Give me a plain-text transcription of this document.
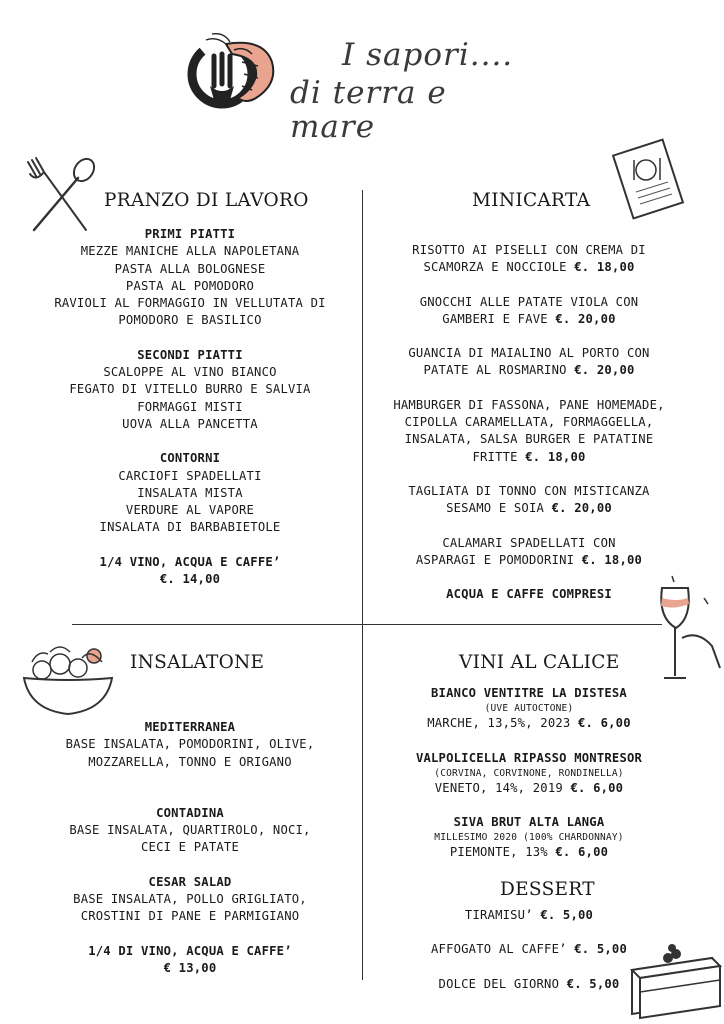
I sapori....
di terra e mare
PRANZO DI LAVORO
PRIMI PIATTI
MEZZE MANICHE ALLA NAPOLETANA
PASTA ALLA BOLOGNESE
PASTA AL POMODORO
RAVIOLI AL FORMAGGIO IN VELLUTATA DI
POMODORO E BASILICO
SECONDI PIATTI
SCALOPPE AL VINO BIANCO
FEGATO DI VITELLO BURRO E SALVIA
FORMAGGI MISTI
UOVA ALLA PANCETTA
CONTORNI
CARCIOFI SPADELLATI
INSALATA MISTA
VERDURE AL VAPORE
INSALATA DI BARBABIETOLE
1/4 VINO, ACQUA E CAFFE’
€. 14,00
MINICARTA
RISOTTO AI PISELLI CON CREMA DI
SCAMORZA E NOCCIOLE €. 18,00
GNOCCHI ALLE PATATE VIOLA CON
GAMBERI E FAVE €. 20,00
GUANCIA DI MAIALINO AL PORTO CON
PATATE AL ROSMARINO €. 20,00
HAMBURGER DI FASSONA, PANE HOMEMADE,
CIPOLLA CARAMELLATA, FORMAGGELLA,
INSALATA, SALSA BURGER E PATATINE
FRITTE €. 18,00
TAGLIATA DI TONNO CON MISTICANZA
SESAMO E SOIA €. 20,00
CALAMARI SPADELLATI CON
ASPARAGI E POMODORINI €. 18,00
ACQUA E CAFFE COMPRESI
INSALATONE
MEDITERRANEA
BASE INSALATA, POMODORINI, OLIVE,
MOZZARELLA, TONNO E ORIGANO
CONTADINA
BASE INSALATA, QUARTIROLO, NOCI,
CECI E PATATE
CESAR SALAD
BASE INSALATA, POLLO GRIGLIATO,
CROSTINI DI PANE E PARMIGIANO
1/4 DI VINO, ACQUA E CAFFE’
€ 13,00
VINI AL CALICE
BIANCO VENTITRE LA DISTESA
(UVE AUTOCTONE)
MARCHE, 13,5%, 2023 €. 6,00
VALPOLICELLA RIPASSO MONTRESOR
(CORVINA, CORVINONE, RONDINELLA)
VENETO, 14%, 2019 €. 6,00
SIVA BRUT ALTA LANGA
MILLESIMO 2020 (100% CHARDONNAY)
PIEMONTE, 13% €. 6,00
DESSERT
TIRAMISU’ €. 5,00
AFFOGATO AL CAFFE’ €. 5,00
DOLCE DEL GIORNO €. 5,00
